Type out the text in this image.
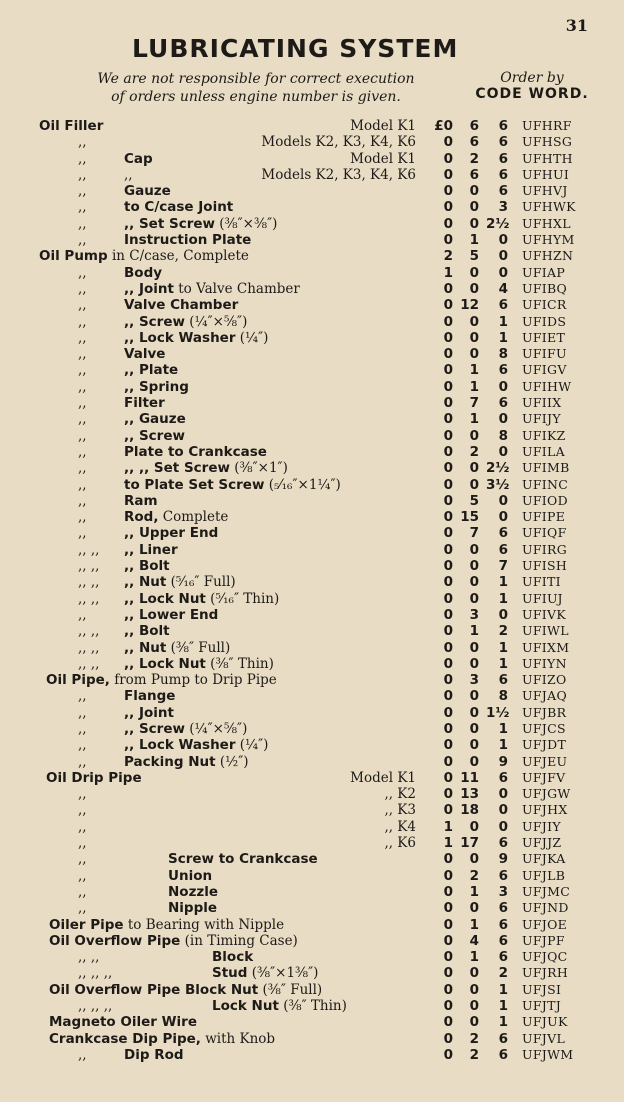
31
LUBRICATING SYSTEM
We are not responsible for correct execution
of orders unless engine number is given.
Order by
CODE WORD.
Oil Filler	Model K1 £0	6	6 UFHRF
,,	Models K2, K3, K4, K6	0	6	6 UFHSG
,,	Cap	Model K1	0	2	6 UFHTH
,,	,,	Models K2, K3, K4, K6	0	6	6 UFHUI
,,	Gauze	0	0	6 UFHVJ
,,	to C/case Joint	0	0	3 UFHWK
,,	,, Set Screw (⅜″×⅜″)	0	0 2½ UFHXL
,,	Instruction Plate	0	1	0 UFHYM
Oil Pump in C/case, Complete	2	5	0 UFHZN
,,	Body	1	0	0 UFIAP
,,	,, Joint to Valve Chamber	0	0	4 UFIBQ
,,	Valve Chamber	0 12	6 UFICR
,,	,, Screw (¼″×⅝″)	0	0	1 UFIDS
,,	,, Lock Washer (¼″)	0	0	1 UFIET
,,	Valve	0	0	8 UFIFU
,,	,, Plate	0	1	6 UFIGV
,,	,, Spring	0	1	0 UFIHW
,,	Filter	0	7	6 UFIIX
,,	,, Gauze	0	1	0 UFIJY
,,	,, Screw	0	0	8 UFIKZ
,,	Plate to Crankcase	0	2	0 UFILA
,,	,, ,, Set Screw (⅜″×1″)	0	0 2½ UFIMB
,,	to Plate Set Screw (₅⁄₁₆″×1¼″)	0	0 3½ UFINC
,,	Ram	0	5	0 UFIOD
,,	Rod, Complete	0 15	0 UFIPE
,,	,, Upper End	0	7	6 UFIQF
,, ,, ,, Liner	0	0	6 UFIRG
,, ,, ,, Bolt	0	0	7 UFISH
,, ,, ,, Nut (⁵⁄₁₆″ Full)	0	0	1 UFITI
,, ,, ,, Lock Nut (⁵⁄₁₆″ Thin)	0	0	1 UFIUJ
,,	,, Lower End	0	3	0 UFIVK
,, ,, ,, Bolt	0	1	2 UFIWL
,, ,, ,, Nut (⅜″ Full)	0	0	1 UFIXM
,, ,, ,, Lock Nut (⅜″ Thin)	0	0	1 UFIYN
Oil Pipe, from Pump to Drip Pipe	0	3	6 UFIZO
,,	Flange	0	0	8 UFJAQ
,,	,, Joint	0	0 1½ UFJBR
,,	,, Screw (¼″×⅝″)	0	0	1 UFJCS
,,	,, Lock Washer (¼″)	0	0	1 UFJDT
,,	Packing Nut (½″)	0	0	9 UFJEU
Oil Drip Pipe	Model K1	0 11	6 UFJFV
,,	,, K2	0 13	0 UFJGW
,,	,, K3	0 18	0 UFJHX
,,	,, K4	1	0	0 UFJIY
,,	,, K6	1 17	6 UFJJZ
,,	Screw to Crankcase	0	0	9 UFJKA
,,	Union	0	2	6 UFJLB
,,	Nozzle	0	1	3 UFJMC
,,	Nipple	0	0	6 UFJND
Oiler Pipe to Bearing with Nipple	0	1	6 UFJOE
Oil Overflow Pipe (in Timing Case)	0	4	6 UFJPF
,, ,,	Block	0	1	6 UFJQC
,, ,, ,,	Stud (⅜″×1⅜″)	0	0	2 UFJRH
Oil Overflow Pipe Block Nut (⅜″ Full)	0	0	1 UFJSI
,, ,, ,,	Lock Nut (⅜″ Thin)	0	0	1 UFJTJ
Magneto Oiler Wire	0	0	1 UFJUK
Crankcase Dip Pipe, with Knob	0	2	6 UFJVL
,,	Dip Rod	0	2	6 UFJWM
